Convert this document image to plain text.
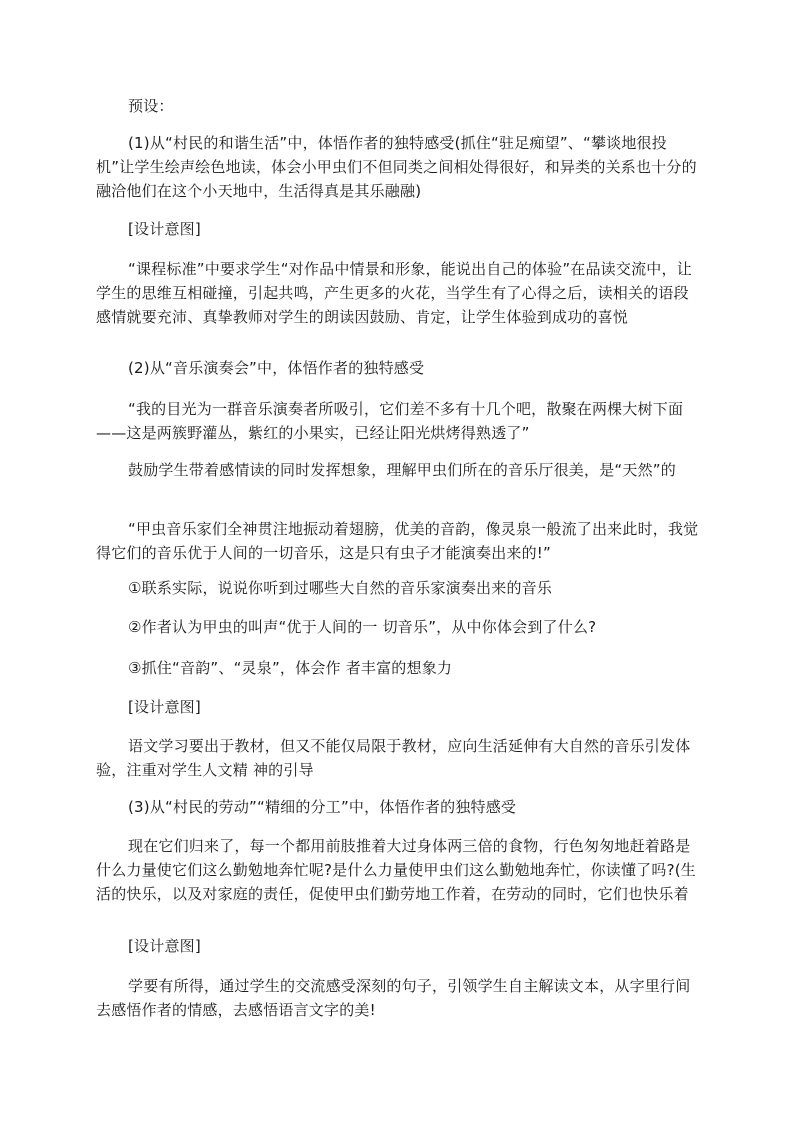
预设：

(1)从“村民的和谐生活”中，体悟作者的独特感受(抓住“驻足痴望”、“攀谈地很投机”让学生绘声绘色地读，体会小甲虫们不但同类之间相处得很好，和异类的关系也十分的融洽他们在这个小天地中，生活得真是其乐融融)

[设计意图]

“课程标准”中要求学生“对作品中情景和形象，能说出自己的体验”在品读交流中，让学生的思维互相碰撞，引起共鸣，产生更多的火花，当学生有了心得之后，读相关的语段感情就要充沛、真挚教师对学生的朗读因鼓励、肯定，让学生体验到成功的喜悦

(2)从“音乐演奏会”中，体悟作者的独特感受

“我的目光为一群音乐演奏者所吸引，它们差不多有十几个吧，散聚在两棵大树下面——这是两簇野灌丛，紫红的小果实，已经让阳光烘烤得熟透了”

鼓励学生带着感情读的同时发挥想象，理解甲虫们所在的音乐厅很美，是“天然”的

“甲虫音乐家们全神贯注地振动着翅膀，优美的音韵，像灵泉一般流了出来此时，我觉得它们的音乐优于人间的一切音乐，这是只有虫子才能演奏出来的!”

①联系实际，说说你听到过哪些大自然的音乐家演奏出来的音乐

②作者认为甲虫的叫声“优于人间的一 切音乐”，从中你体会到了什么?

③抓住“音韵”、“灵泉”，体会作 者丰富的想象力

[设计意图]

语文学习要出于教材，但又不能仅局限于教材，应向生活延伸有大自然的音乐引发体验，注重对学生人文精 神的引导

(3)从“村民的劳动”“精细的分工”中，体悟作者的独特感受

现在它们归来了，每一个都用前肢推着大过身体两三倍的食物，行色匆匆地赶着路是什么力量使它们这么勤勉地奔忙呢?是什么力量使甲虫们这么勤勉地奔忙，你读懂了吗?(生活的快乐，以及对家庭的责任，促使甲虫们勤劳地工作着，在劳动的同时，它们也快乐着

[设计意图]

学要有所得，通过学生的交流感受深刻的句子，引领学生自主解读文本，从字里行间去感悟作者的情感，去感悟语言文字的美!
